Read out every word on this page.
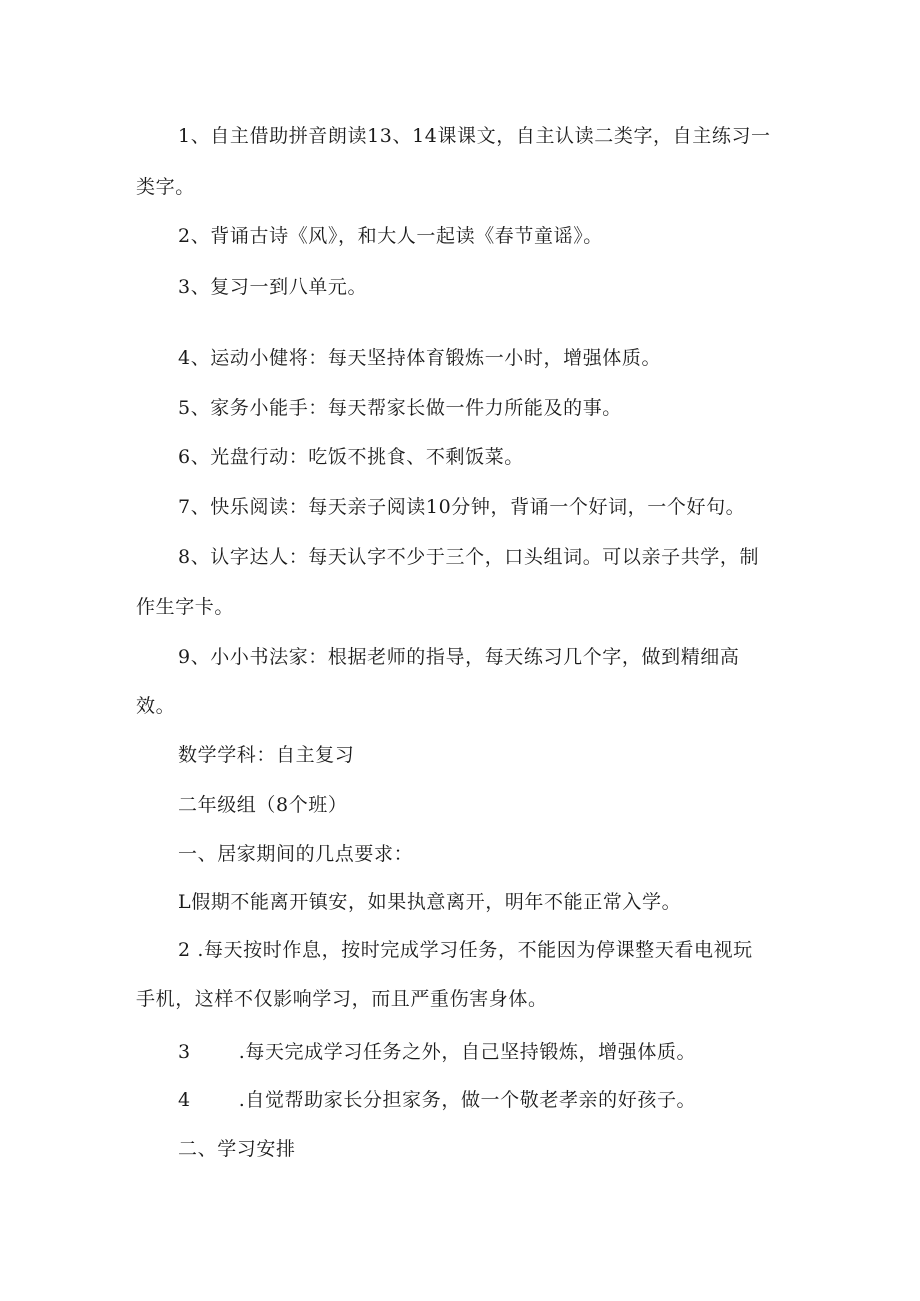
1、自主借助拼音朗读13、14课课文，自主认读二类字，自主练习一
类字。
2、背诵古诗《风》，和大人一起读《春节童谣》。
3、复习一到八单元。
4、运动小健将：每天坚持体育锻炼一小时，增强体质。
5、家务小能手：每天帮家长做一件力所能及的事。
6、光盘行动：吃饭不挑食、不剩饭菜。
7、快乐阅读：每天亲子阅读10分钟，背诵一个好词，一个好句。
8、认字达人：每天认字不少于三个，口头组词。可以亲子共学，制
作生字卡。
9、小小书法家：根据老师的指导，每天练习几个字，做到精细高
效。
数学学科：自主复习
二年级组（8个班）
一、居家期间的几点要求：
L假期不能离开镇安，如果执意离开，明年不能正常入学。
2 .每天按时作息，按时完成学习任务，不能因为停课整天看电视玩
手机，这样不仅影响学习，而且严重伤害身体。
3	.每天完成学习任务之外，自己坚持锻炼，增强体质。
4	.自觉帮助家长分担家务，做一个敬老孝亲的好孩子。
二、学习安排
